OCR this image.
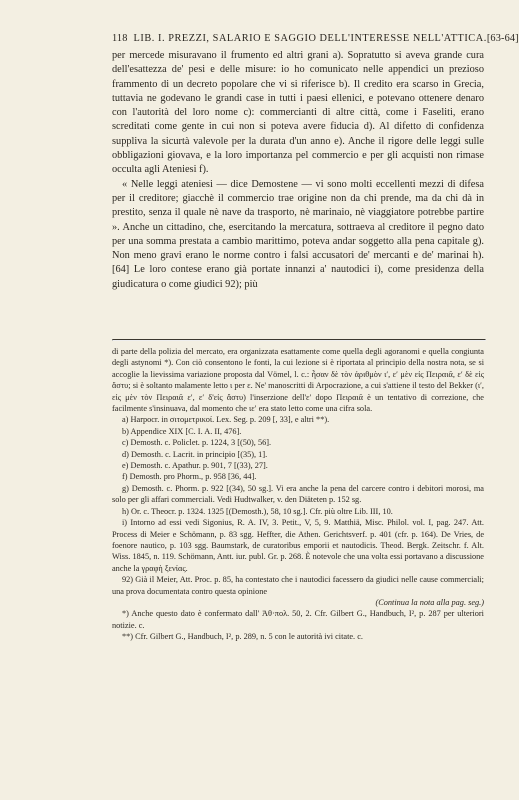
118 LIB. I. PREZZI, SALARIO E SAGGIO DELL'INTERESSE NELL'ATTICA. [63-64]

per mercede misuravano il frumento ed altri grani a). Sopratutto si aveva grande cura dell'esattezza de' pesi e delle misure: io ho comunicato nelle appendici un prezioso frammento di un decreto popolare che vi si riferisce b). Il credito era scarso in Grecia, tuttavia ne godevano le grandi case in tutti i paesi ellenici, e potevano ottenere denaro con l'autorità del loro nome c): commercianti di altre città, come i Faseliti, erano screditati come gente in cui non si poteva avere fiducia d). Al difetto di confidenza suppliva la sicurtà valevole per la durata d'un anno e). Anche il rigore delle leggi sulle obbligazioni giovava, e la loro importanza pel commercio e per gli acquisti non rimase occulta agli Ateniesi f).

« Nelle leggi ateniesi — dice Demostene — vi sono molti eccellenti mezzi di difesa per il creditore; giacchè il commercio trae origine non da chi prende, ma da chi dà in prestito, senza il quale nè nave da trasporto, nè marinaio, nè viaggiatore potrebbe partire ». Anche un cittadino, che, esercitando la mercatura, sottraeva al creditore il pegno dato per una somma prestata a cambio marittimo, poteva andar soggetto alla pena capitale g). Non meno gravi erano le norme contro i falsi accusatori de' mercanti e de' marinai h). [64] Le loro contese erano già portate innanzi a' nautodici i), come presidenza della giudicatura o come giudici 92); più

di parte della polizia del mercato, era organizzata esattamente come quella degli agoranomi e quella congiunta degli astynomi *). Con ciò consentono le fonti, la cui lezione si è riportata al principio della nostra nota, se si accoglie la lievissima variazione proposta dal Vömel, l. c.: ἦσαν δὲ τὸν ἀριθμὸν ιʹ, εʹ μὲν εἰς Πειραιᾶ, εʹ δὲ εἰς ἄστυ; si è soltanto malamente letto ι per ε. Ne' manoscritti di Arpocrazione, a cui s'attiene il testo del Bekker (ιʹ, εἰς μὲν τὸν Πειραιᾶ εʹ, εʹ δ'εἰς ἄστυ) l'inserzione dell'εʹ dopo Πειραιᾶ è un tentativo di correzione, che facilmente s'insinuava, dal momento che ιεʹ era stato letto come una cifra sola.

a) Harpocr. in σιτομετρικοί. Lex. Seg. p. 209 [, 33], e altri **).

b) Appendice XIX [C. I. A. II, 476].

c) Demosth. c. Policlet. p. 1224, 3 [(50), 56].

d) Demosth. c. Lacrit. in principio [(35), 1].

e) Demosth. c. Apathur. p. 901, 7 [(33), 27].

f) Demosth. pro Phorm., p. 958 [36, 44].

g) Demosth. c. Phorm. p. 922 [(34), 50 sg.]. Vi era anche la pena del carcere contro i debitori morosi, ma solo per gli affari commerciali. Vedi Hudtwalker, v. den Diäteten p. 152 sg.

h) Or. c. Theocr. p. 1324. 1325 [(Demosth.), 58, 10 sg.]. Cfr. più oltre Lib. III, 10.

i) Intorno ad essi vedi Sigonius, R. A. IV, 3. Petit., V, 5, 9. Matthiä, Misc. Philol. vol. I, pag. 247. Att. Process di Meier e Schömann, p. 83 sgg. Heffter, die Athen. Gerichtsverf. p. 401 (cfr. p. 164). De Vries, de foenore nautico, p. 103 sgg. Baumstark, de curatoribus emporii et nautodicis. Theod. Bergk. Zeitschr. f. Alt. Wiss. 1845, n. 119. Schömann, Antt. iur. publ. Gr. p. 268. È notevole che una volta essi portavano a discussione anche la γραφὴ ξενίας.

92) Già il Meier, Att. Proc. p. 85, ha contestato che i nautodici facessero da giudici nelle cause commerciali; una prova documentata contro questa opinione

(Continua la nota alla pag. seg.)

*) Anche questo dato è confermato dall' Ἀθ·πολ. 50, 2. Cfr. Gilbert G., Handbuch, I², p. 287 per ulteriori notizie. c.

**) Cfr. Gilbert G., Handbuch, I², p. 289, n. 5 con le autorità ivi citate. c.
